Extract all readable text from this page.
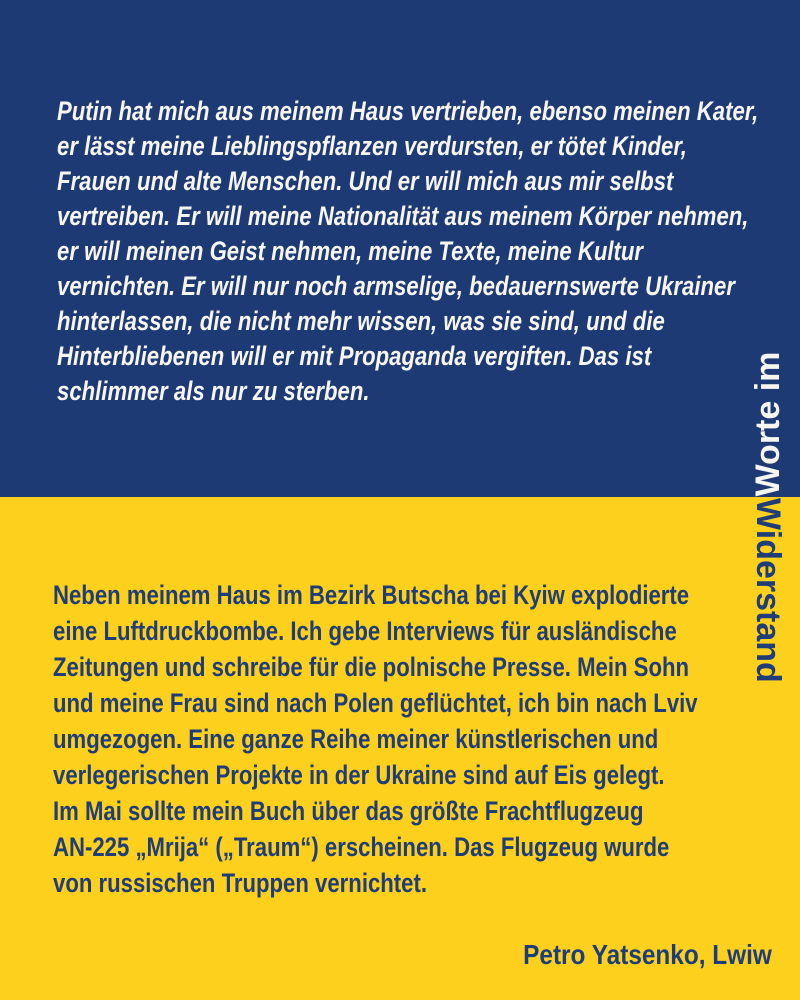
Putin hat mich aus meinem Haus vertrieben, ebenso meinen Kater,
er lässt meine Lieblingspflanzen verdursten, er tötet Kinder,
Frauen und alte Menschen. Und er will mich aus mir selbst
vertreiben. Er will meine Nationalität aus meinem Körper nehmen,
er will meinen Geist nehmen, meine Texte, meine Kultur
vernichten. Er will nur noch armselige, bedauernswerte Ukrainer
hinterlassen, die nicht mehr wissen, was sie sind, und die
Hinterbliebenen will er mit Propaganda vergiften. Das ist
schlimmer als nur zu sterben.	Worte im
Neben meinem Haus im Bezirk Butscha bei Kyiw explodierte
eine Luftdruckbombe. Ich gebe Interviews für ausländische
Zeitungen und schreibe für die polnische Presse. Mein Sohn
und meine Frau sind nach Polen geflüchtet, ich bin nach Lviv
umgezogen. Eine ganze Reihe meiner künstlerischen und
verlegerischen Projekte in der Ukraine sind auf Eis gelegt.
Im Mai sollte mein Buch über das größte Frachtflugzeug
AN-225 „Mrija“ („Traum“) erscheinen. Das Flugzeug wurde
von russischen Truppen vernichtet.
Widerstand
Petro Yatsenko, Lwiw
